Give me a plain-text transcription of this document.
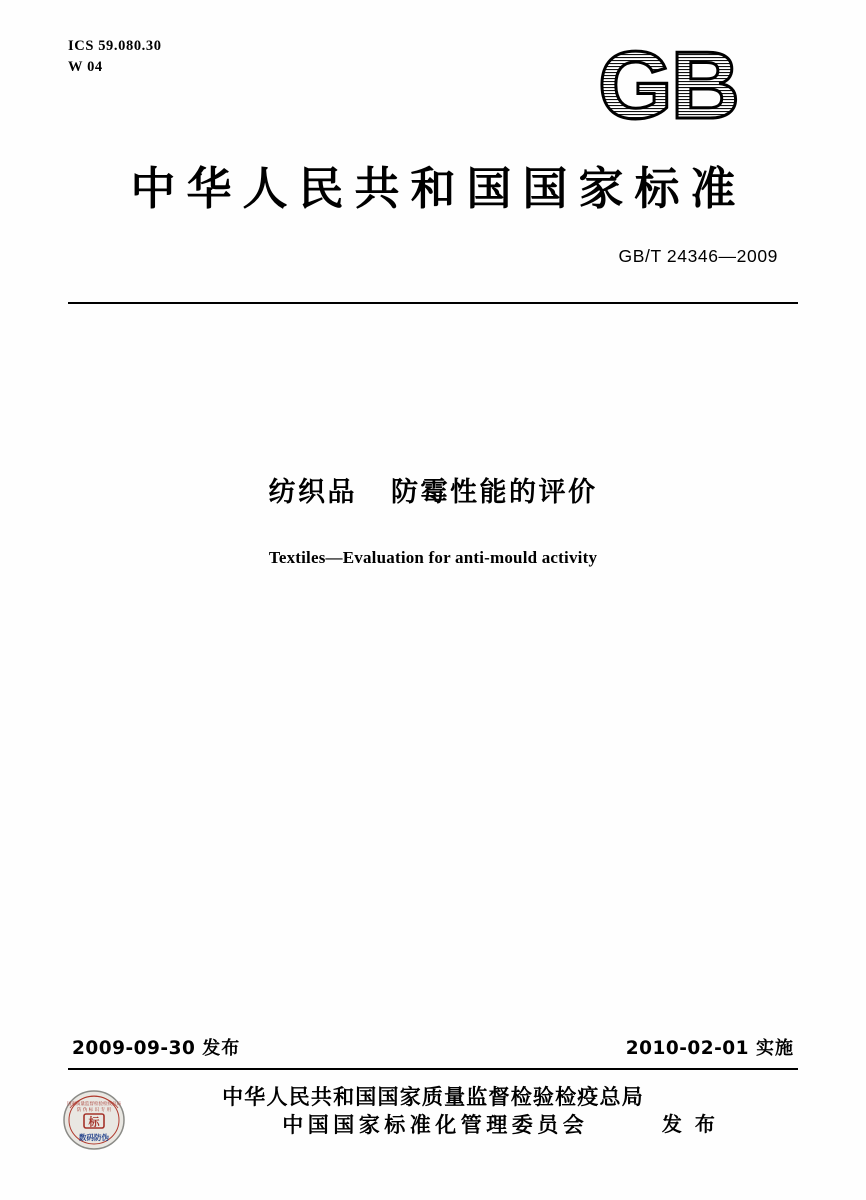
ICS 59.080.30
W 04	GB
中华人民共和国国家标准
GB/T 24346—2009
纺织品 防霉性能的评价
Textiles—Evaluation for anti-mould activity
2009-09-30 发布	2010-02-01 实施
国家质量监督检验检疫总局
防 伪 标 识 专 用
标
数码防伪
中华人民共和国国家质量监督检验检疫总局
中国国家标准化管理委员会	发 布
